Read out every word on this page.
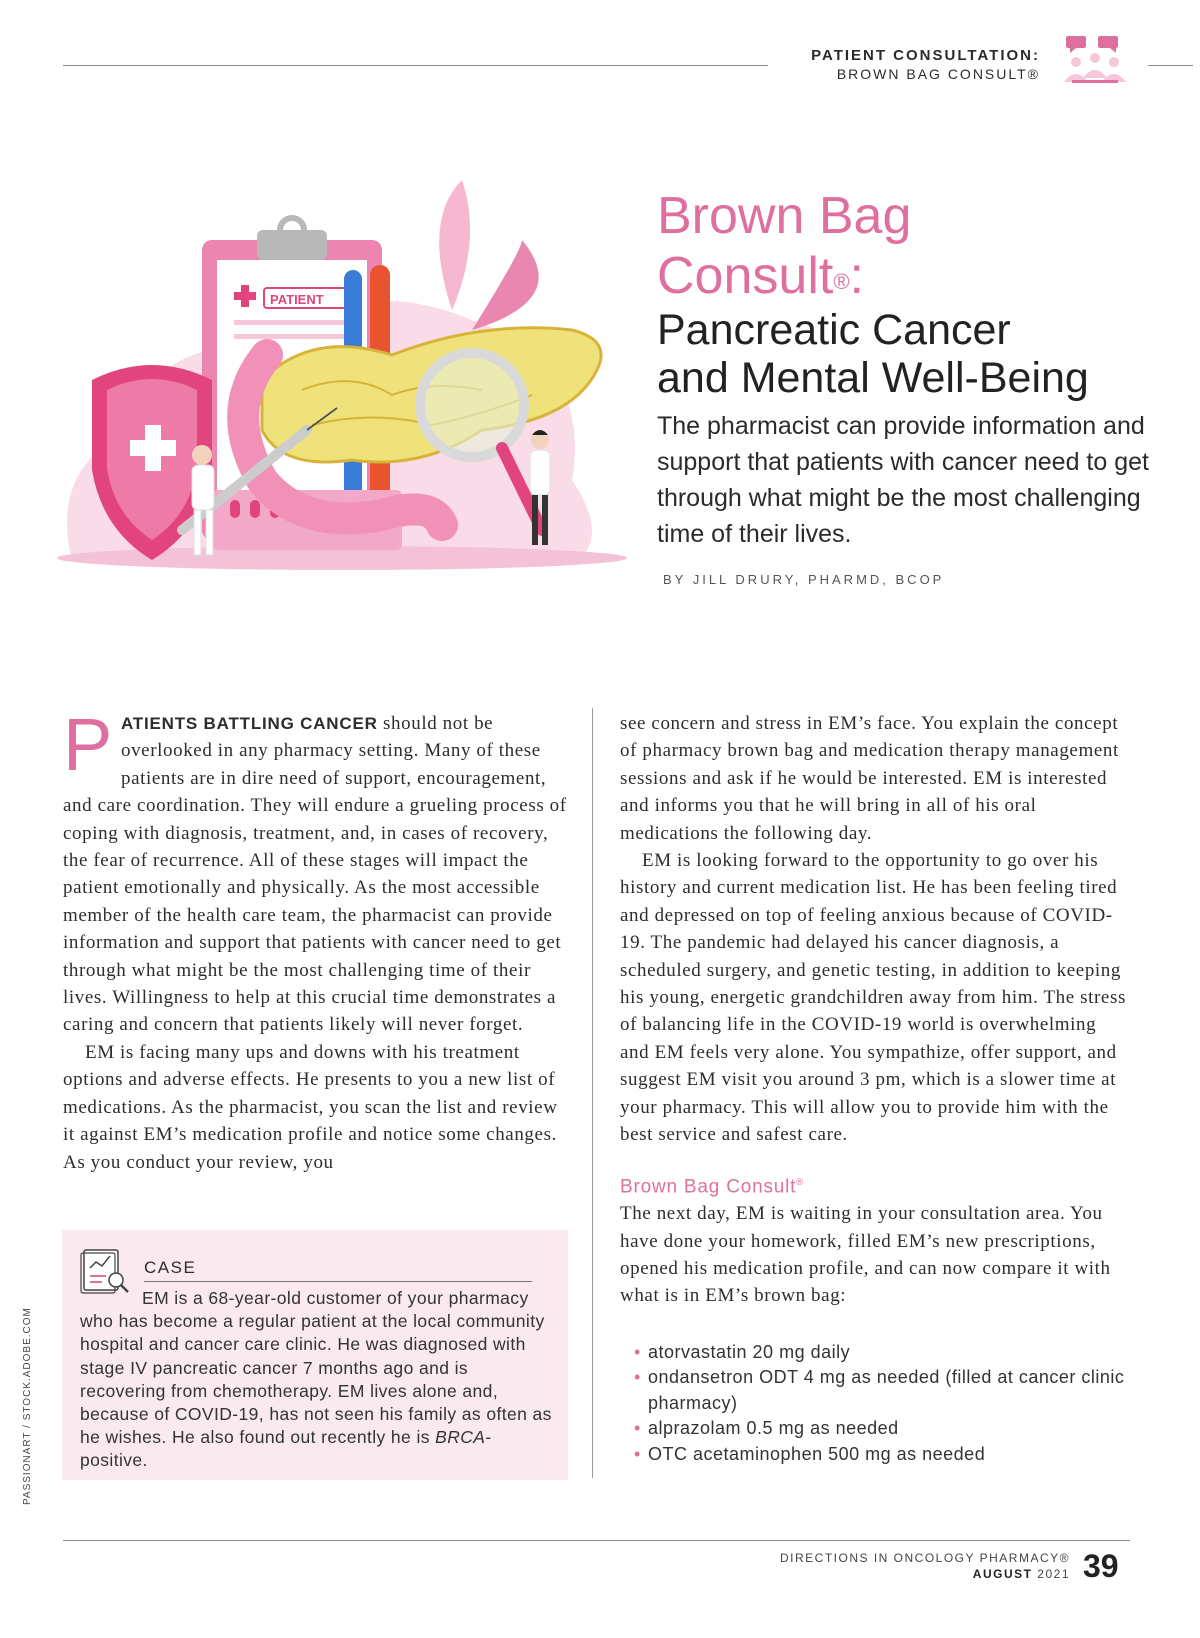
PATIENT CONSULTATION:
BROWN BAG CONSULT®
PATIENT
Brown Bag
Consult®:
Pancreatic Cancer
and Mental Well-Being
The pharmacist can provide information and support that patients with cancer need to get through what might be the most challenging time of their lives.
BY JILL DRURY, PHARMD, BCOP

PATIENTS BATTLING CANCER should not be overlooked in any pharmacy setting. Many of these patients are in dire need of support, encouragement, and care coordination. They will endure a grueling process of coping with diagnosis, treatment, and, in cases of recovery, the fear of recurrence. All of these stages will impact the patient emotionally and physically. As the most accessible member of the health care team, the pharmacist can provide information and support that patients with cancer need to get through what might be the most challenging time of their lives. Willingness to help at this crucial time demonstrates a caring and concern that patients likely will never forget.

EM is facing many ups and downs with his treatment options and adverse effects. He presents to you a new list of medications. As the pharmacist, you scan the list and review it against EM’s medication profile and notice some changes. As you conduct your review, you

CASE
EM is a 68-year-old customer of your pharmacy who has become a regular patient at the local community hospital and cancer care clinic. He was diagnosed with stage IV pancreatic cancer 7 months ago and is recovering from chemotherapy. EM lives alone and, because of COVID-19, has not seen his family as often as he wishes. He also found out recently he is BRCA-positive.

see concern and stress in EM’s face. You explain the concept of pharmacy brown bag and medication therapy management sessions and ask if he would be interested. EM is interested and informs you that he will bring in all of his oral medications the following day.

EM is looking forward to the opportunity to go over his history and current medication list. He has been feeling tired and depressed on top of feeling anxious because of COVID-19. The pandemic had delayed his cancer diagnosis, a scheduled surgery, and genetic testing, in addition to keeping his young, energetic grandchildren away from him. The stress of balancing life in the COVID-19 world is overwhelming and EM feels very alone. You sympathize, offer support, and suggest EM visit you around 3 pm, which is a slower time at your pharmacy. This will allow you to provide him with the best service and safest care.

Brown Bag Consult®

The next day, EM is waiting in your consultation area. You have done your homework, filled EM’s new prescriptions, opened his medication profile, and can now compare it with what is in EM’s brown bag:

• atorvastatin 20 mg daily
• ondansetron ODT 4 mg as needed (filled at cancer clinic pharmacy)
• alprazolam 0.5 mg as needed
• OTC acetaminophen 500 mg as needed
PASSIONART / STOCK.ADOBE.COM
DIRECTIONS IN ONCOLOGY PHARMACY®
AUGUST 2021 39
